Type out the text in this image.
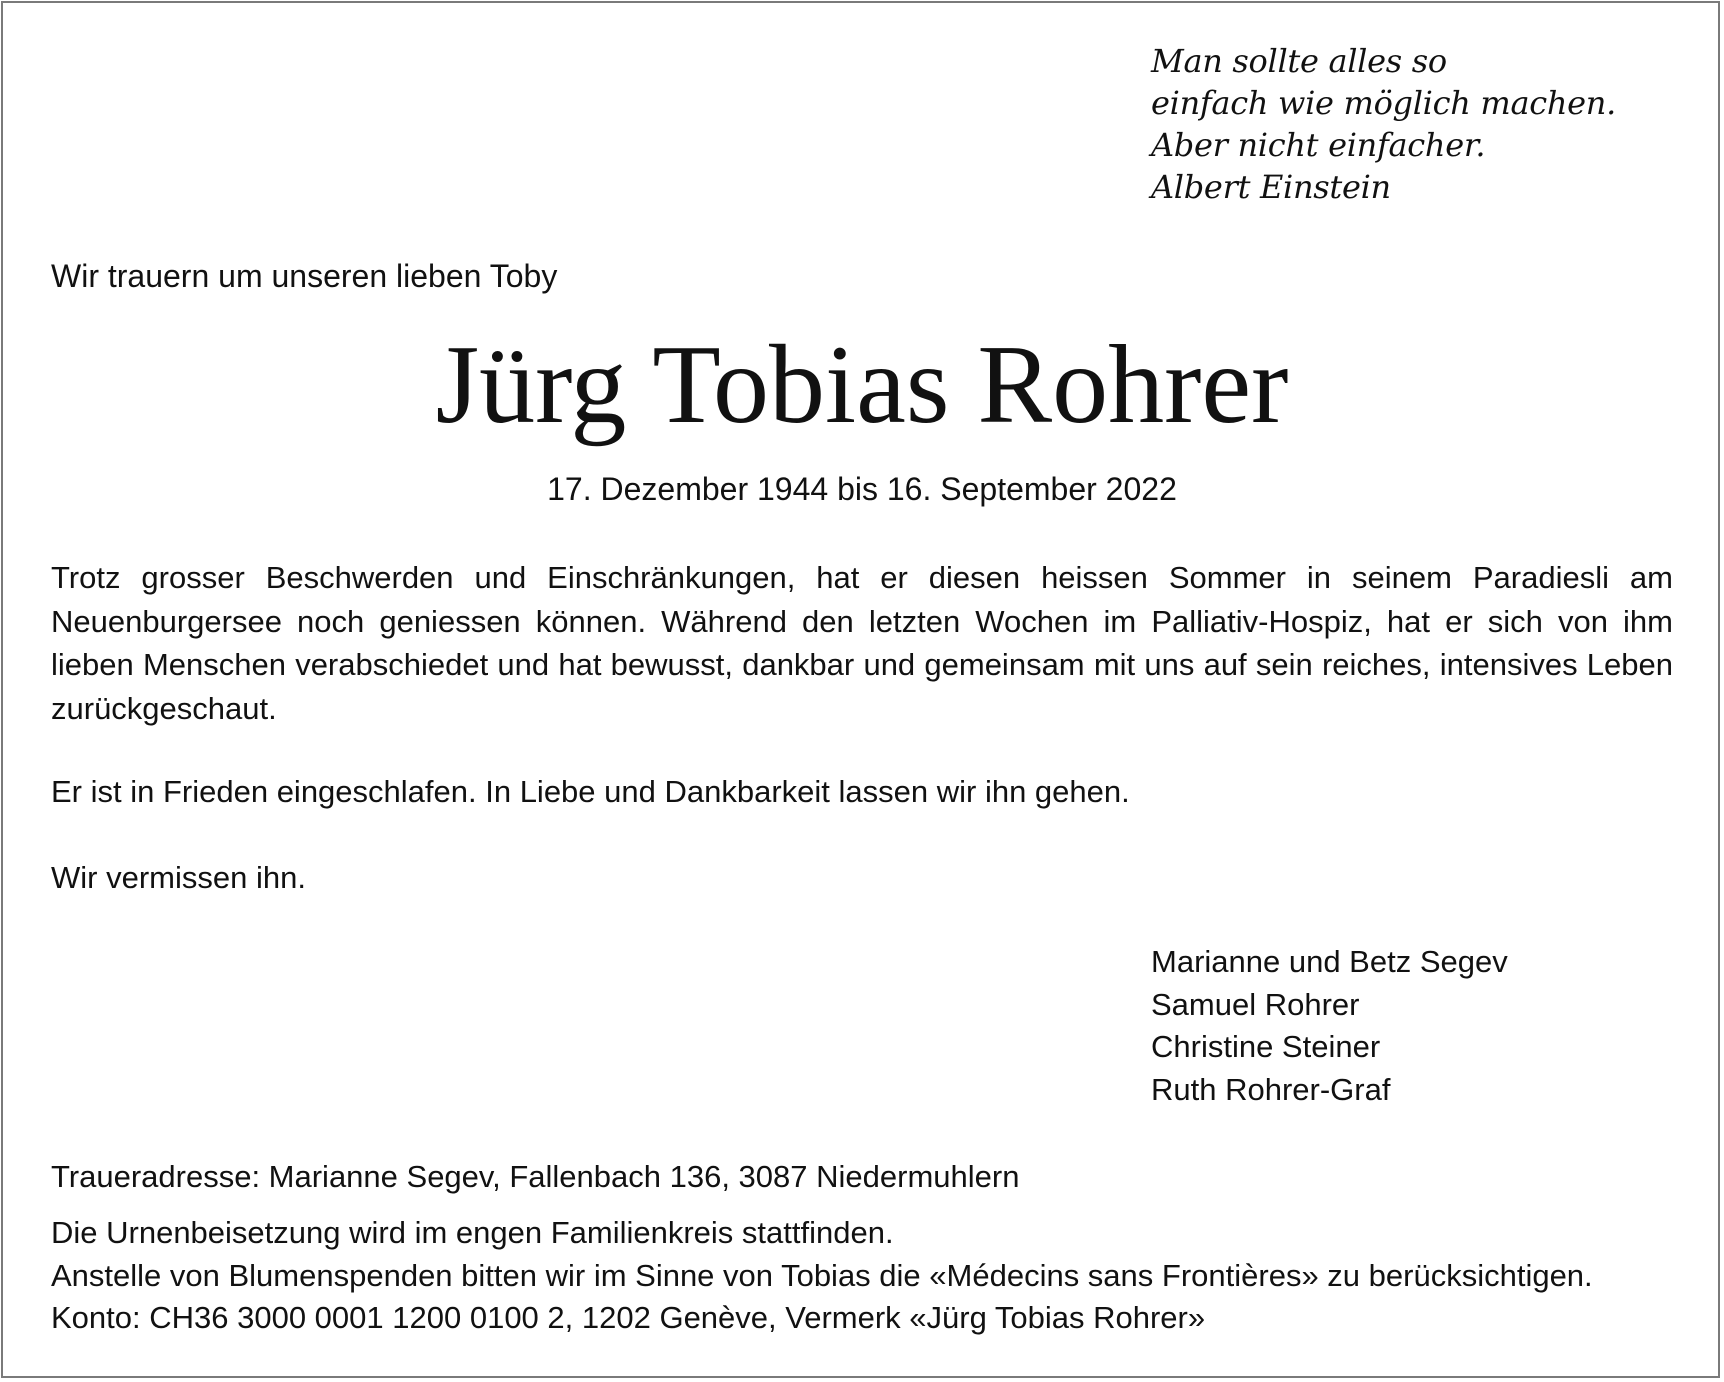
Man sollte alles so
einfach wie möglich machen.
Aber nicht einfacher.
Albert Einstein
Wir trauern um unseren lieben Toby
Jürg Tobias Rohrer
17. Dezember 1944 bis 16. September 2022
Trotz grosser Beschwerden und Einschränkungen, hat er diesen heissen Sommer in seinem Paradiesli am Neuenburgersee noch geniessen können. Während den letzten Wochen im Palliativ-Hospiz, hat er sich von ihm lieben Menschen verabschiedet und hat bewusst, dankbar und gemeinsam mit uns auf sein reiches, intensives Leben zurückgeschaut.
Er ist in Frieden eingeschlafen. In Liebe und Dankbarkeit lassen wir ihn gehen.
Wir vermissen ihn.
Marianne und Betz Segev
Samuel Rohrer
Christine Steiner
Ruth Rohrer-Graf
Traueradresse: Marianne Segev, Fallenbach 136, 3087 Niedermuhlern
Die Urnenbeisetzung wird im engen Familienkreis stattfinden.
Anstelle von Blumenspenden bitten wir im Sinne von Tobias die «Médecins sans Frontières» zu berücksichtigen.
Konto: CH36 3000 0001 1200 0100 2, 1202 Genève, Vermerk «Jürg Tobias Rohrer»
